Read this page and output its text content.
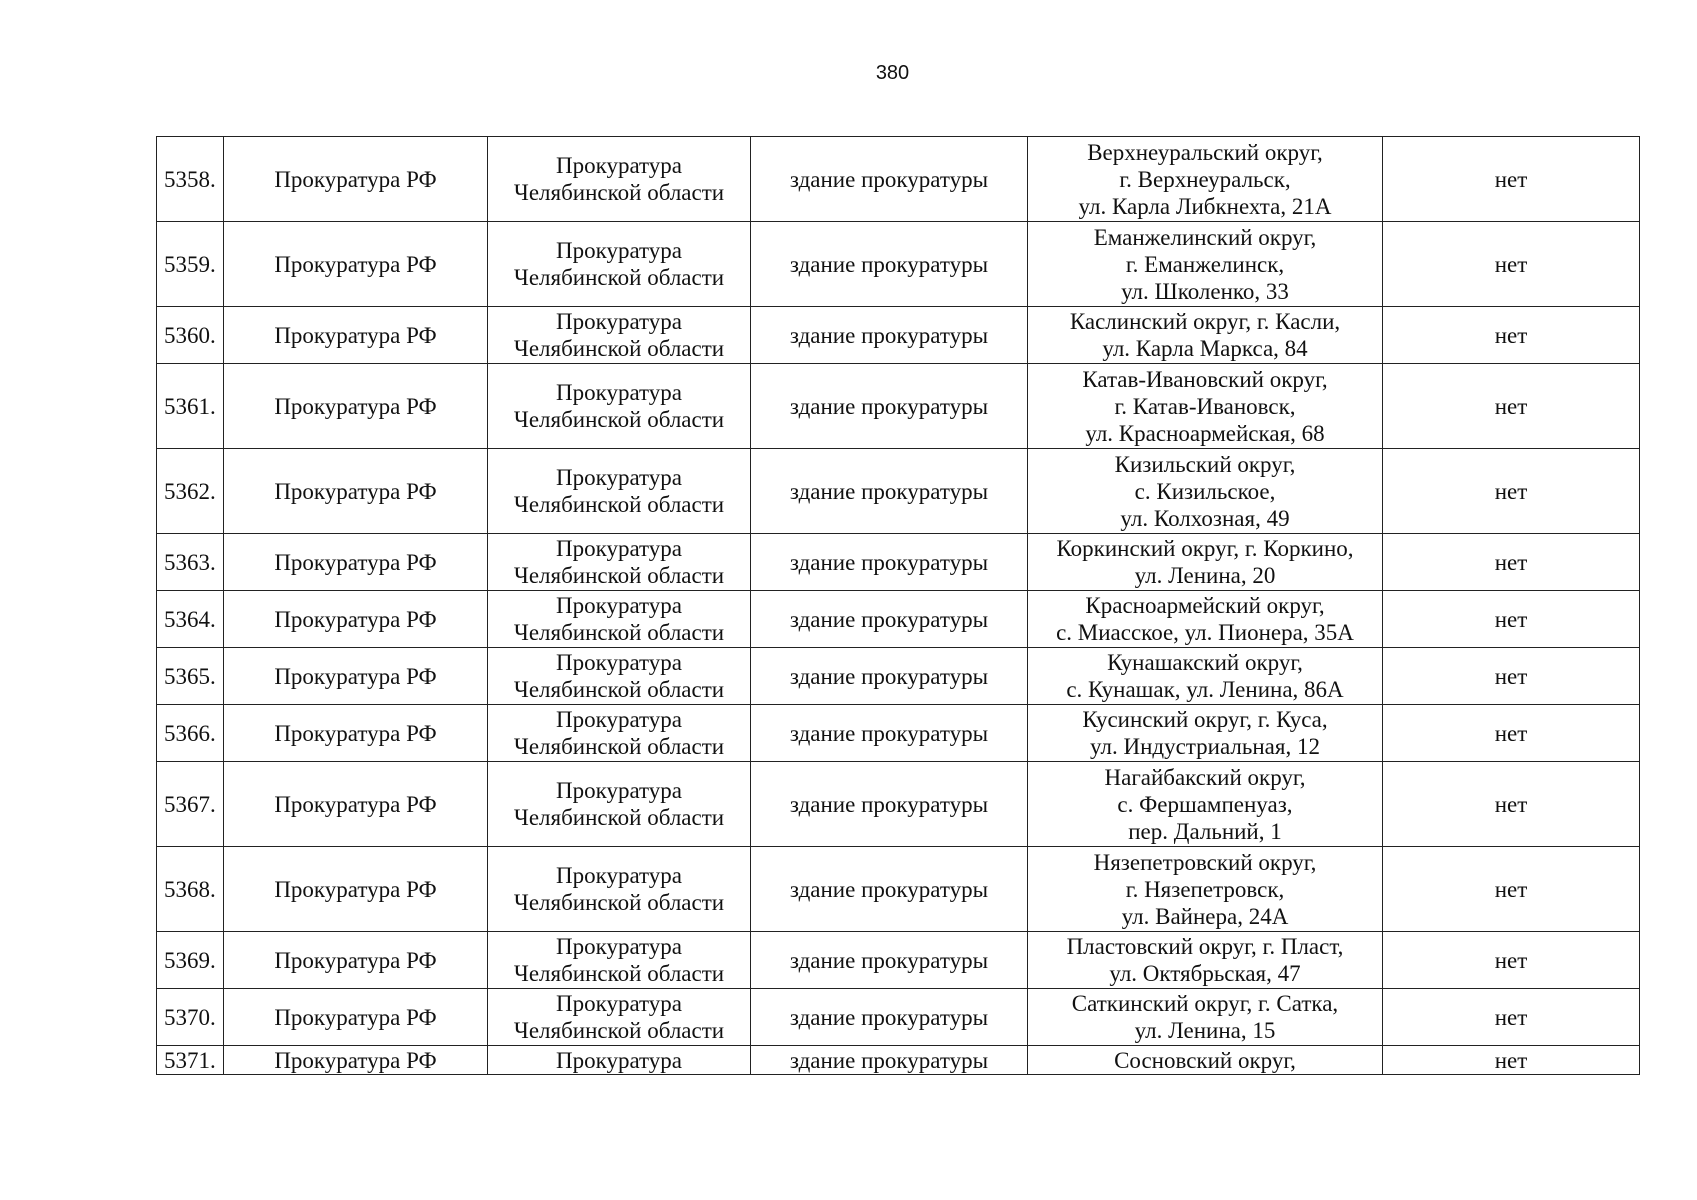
380
5358.	Прокуратура РФ	Прокуратура
Челябинской области	здание прокуратуры	Верхнеуральский округ,
г. Верхнеуральск,
ул. Карла Либкнехта, 21А	нет
5359.	Прокуратура РФ	Прокуратура
Челябинской области	здание прокуратуры	Еманжелинский округ,
г. Еманжелинск,
ул. Школенко, 33	нет
5360.	Прокуратура РФ	Прокуратура
Челябинской области	здание прокуратуры	Каслинский округ, г. Касли,
ул. Карла Маркса, 84	нет
5361.	Прокуратура РФ	Прокуратура
Челябинской области	здание прокуратуры	Катав-Ивановский округ,
г. Катав-Ивановск,
ул. Красноармейская, 68	нет
5362.	Прокуратура РФ	Прокуратура
Челябинской области	здание прокуратуры	Кизильский округ,
с. Кизильское,
ул. Колхозная, 49	нет
5363.	Прокуратура РФ	Прокуратура
Челябинской области	здание прокуратуры	Коркинский округ, г. Коркино,
ул. Ленина, 20	нет
5364.	Прокуратура РФ	Прокуратура
Челябинской области	здание прокуратуры	Красноармейский округ,
с. Миасское, ул. Пионера, 35А	нет
5365.	Прокуратура РФ	Прокуратура
Челябинской области	здание прокуратуры	Кунашакский округ,
с. Кунашак, ул. Ленина, 86А	нет
5366.	Прокуратура РФ	Прокуратура
Челябинской области	здание прокуратуры	Кусинский округ, г. Куса,
ул. Индустриальная, 12	нет
5367.	Прокуратура РФ	Прокуратура
Челябинской области	здание прокуратуры	Нагайбакский округ,
с. Фершампенуаз,
пер. Дальний, 1	нет
5368.	Прокуратура РФ	Прокуратура
Челябинской области	здание прокуратуры	Нязепетровский округ,
г. Нязепетровск,
ул. Вайнера, 24А	нет
5369.	Прокуратура РФ	Прокуратура
Челябинской области	здание прокуратуры	Пластовский округ, г. Пласт,
ул. Октябрьская, 47	нет
5370.	Прокуратура РФ	Прокуратура
Челябинской области	здание прокуратуры	Саткинский округ, г. Сатка,
ул. Ленина, 15	нет
5371.	Прокуратура РФ	Прокуратура	здание прокуратуры	Сосновский округ,	нет
